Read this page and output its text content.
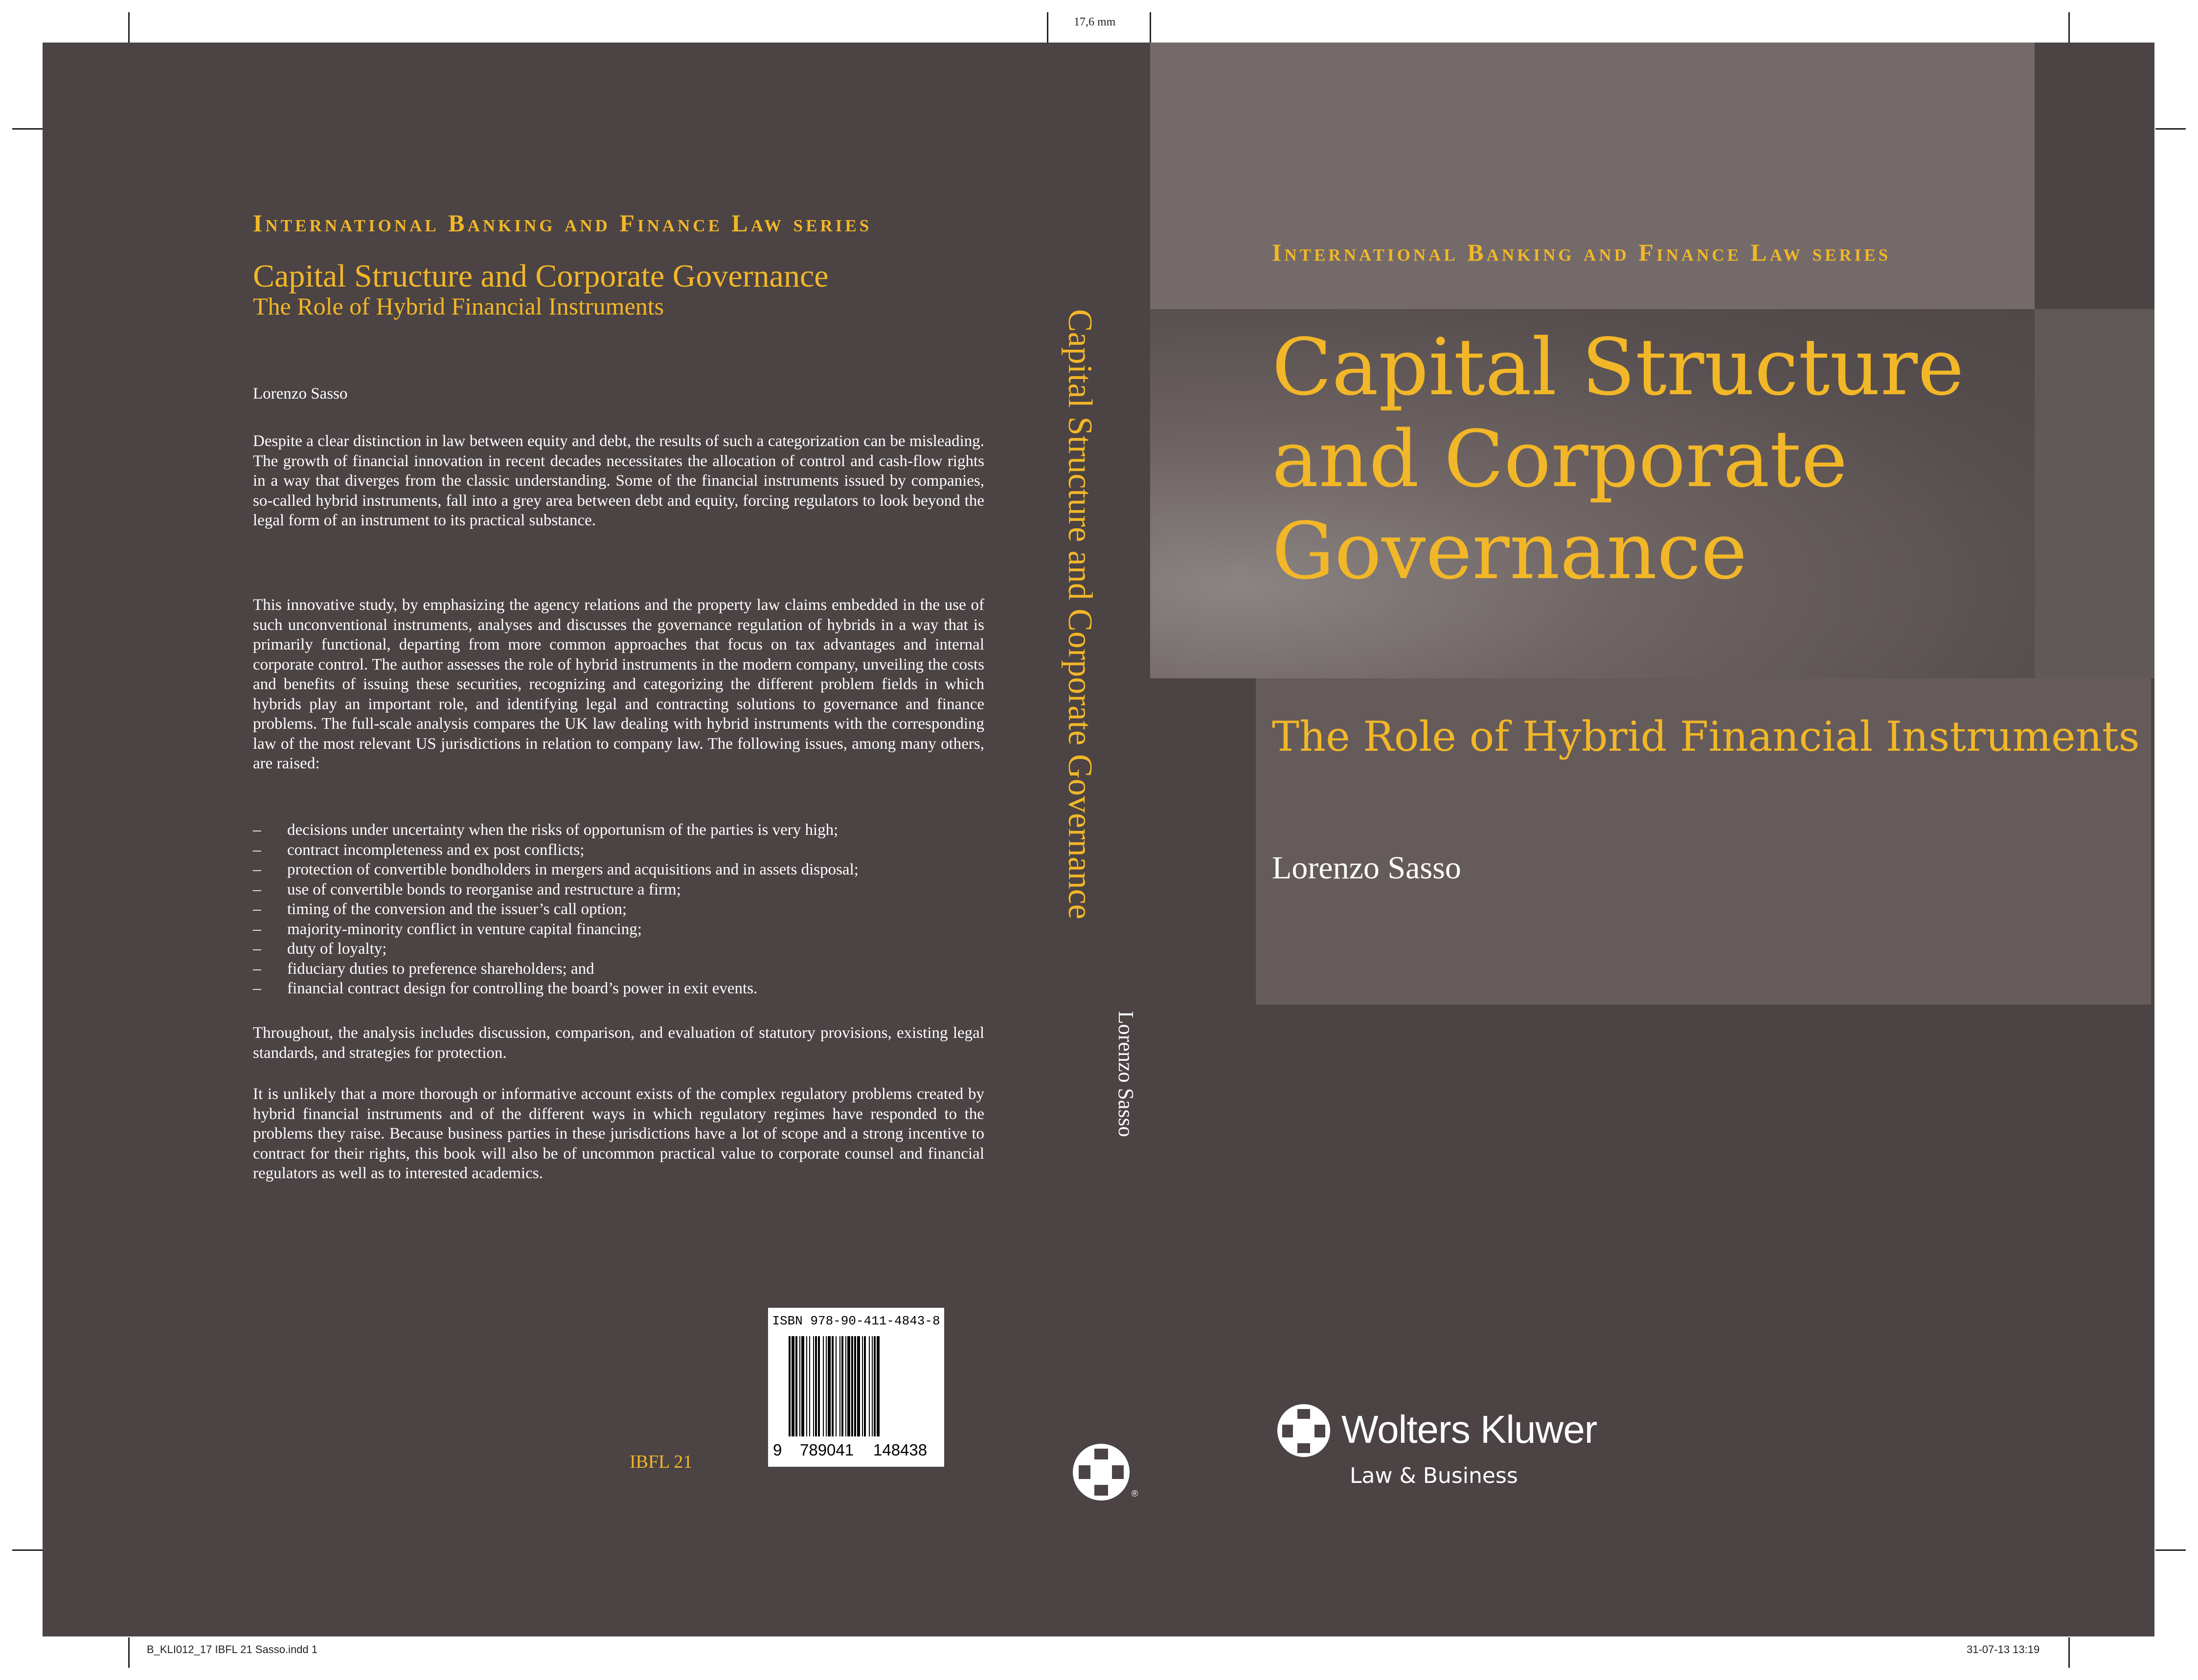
17,6 mm
B_KLI012_17 IBFL 21 Sasso.indd 1	31-07-13 13:19
International Banking and Finance Law series
Capital Structure and Corporate Governance
The Role of Hybrid Financial Instruments
Lorenzo Sasso

Despite a clear distinction in law between equity and debt, the results of such a categorization can be misleading. The growth of financial innovation in recent decades necessitates the allocation of control and cash-flow rights in a way that diverges from the classic understanding. Some of the financial instruments issued by companies, so-called hybrid instruments, fall into a grey area between debt and equity, forcing regulators to look beyond the legal form of an instrument to its practical substance.

This innovative study, by emphasizing the agency relations and the property law claims embedded in the use of such unconventional instruments, analyses and discusses the governance regulation of hybrids in a way that is primarily functional, departing from more common approaches that focus on tax advantages and internal corporate control. The author assesses the role of hybrid instruments in the modern company, unveiling the costs and benefits of issuing these securities, recognizing and categorizing the different problem fields in which hybrids play an important role, and identifying legal and contracting solutions to governance and finance problems. The full-scale analysis compares the UK law dealing with hybrid instruments with the corresponding law of the most relevant US jurisdictions in relation to company law. The following issues, among many others, are raised:

– decisions under uncertainty when the risks of opportunism of the parties is very high;
– contract incompleteness and ex post conflicts;
– protection of convertible bondholders in mergers and acquisitions and in assets disposal;
– use of convertible bonds to reorganise and restructure a firm;
– timing of the conversion and the issuer’s call option;
– majority-minority conflict in venture capital financing;
– duty of loyalty;
– fiduciary duties to preference shareholders; and
– financial contract design for controlling the board’s power in exit events.

Throughout, the analysis includes discussion, comparison, and evaluation of statutory provisions, existing legal standards, and strategies for protection.

It is unlikely that a more thorough or informative account exists of the complex regulatory problems created by hybrid financial instruments and of the different ways in which regulatory regimes have responded to the problems they raise. Because business parties in these jurisdictions have a lot of scope and a strong incentive to contract for their rights, this book will also be of uncommon practical value to corporate counsel and financial regulators as well as to interested academics.

ISBN 978-90-411-4843-8
9 789041 148438
IBFL 21
Capital Structure and Corporate Governance
Lorenzo Sasso
®
International Banking and Finance Law series
Capital Structure and Corporate Governance
The Role of Hybrid Financial Instruments
Lorenzo Sasso
Wolters Kluwer
Law & Business
